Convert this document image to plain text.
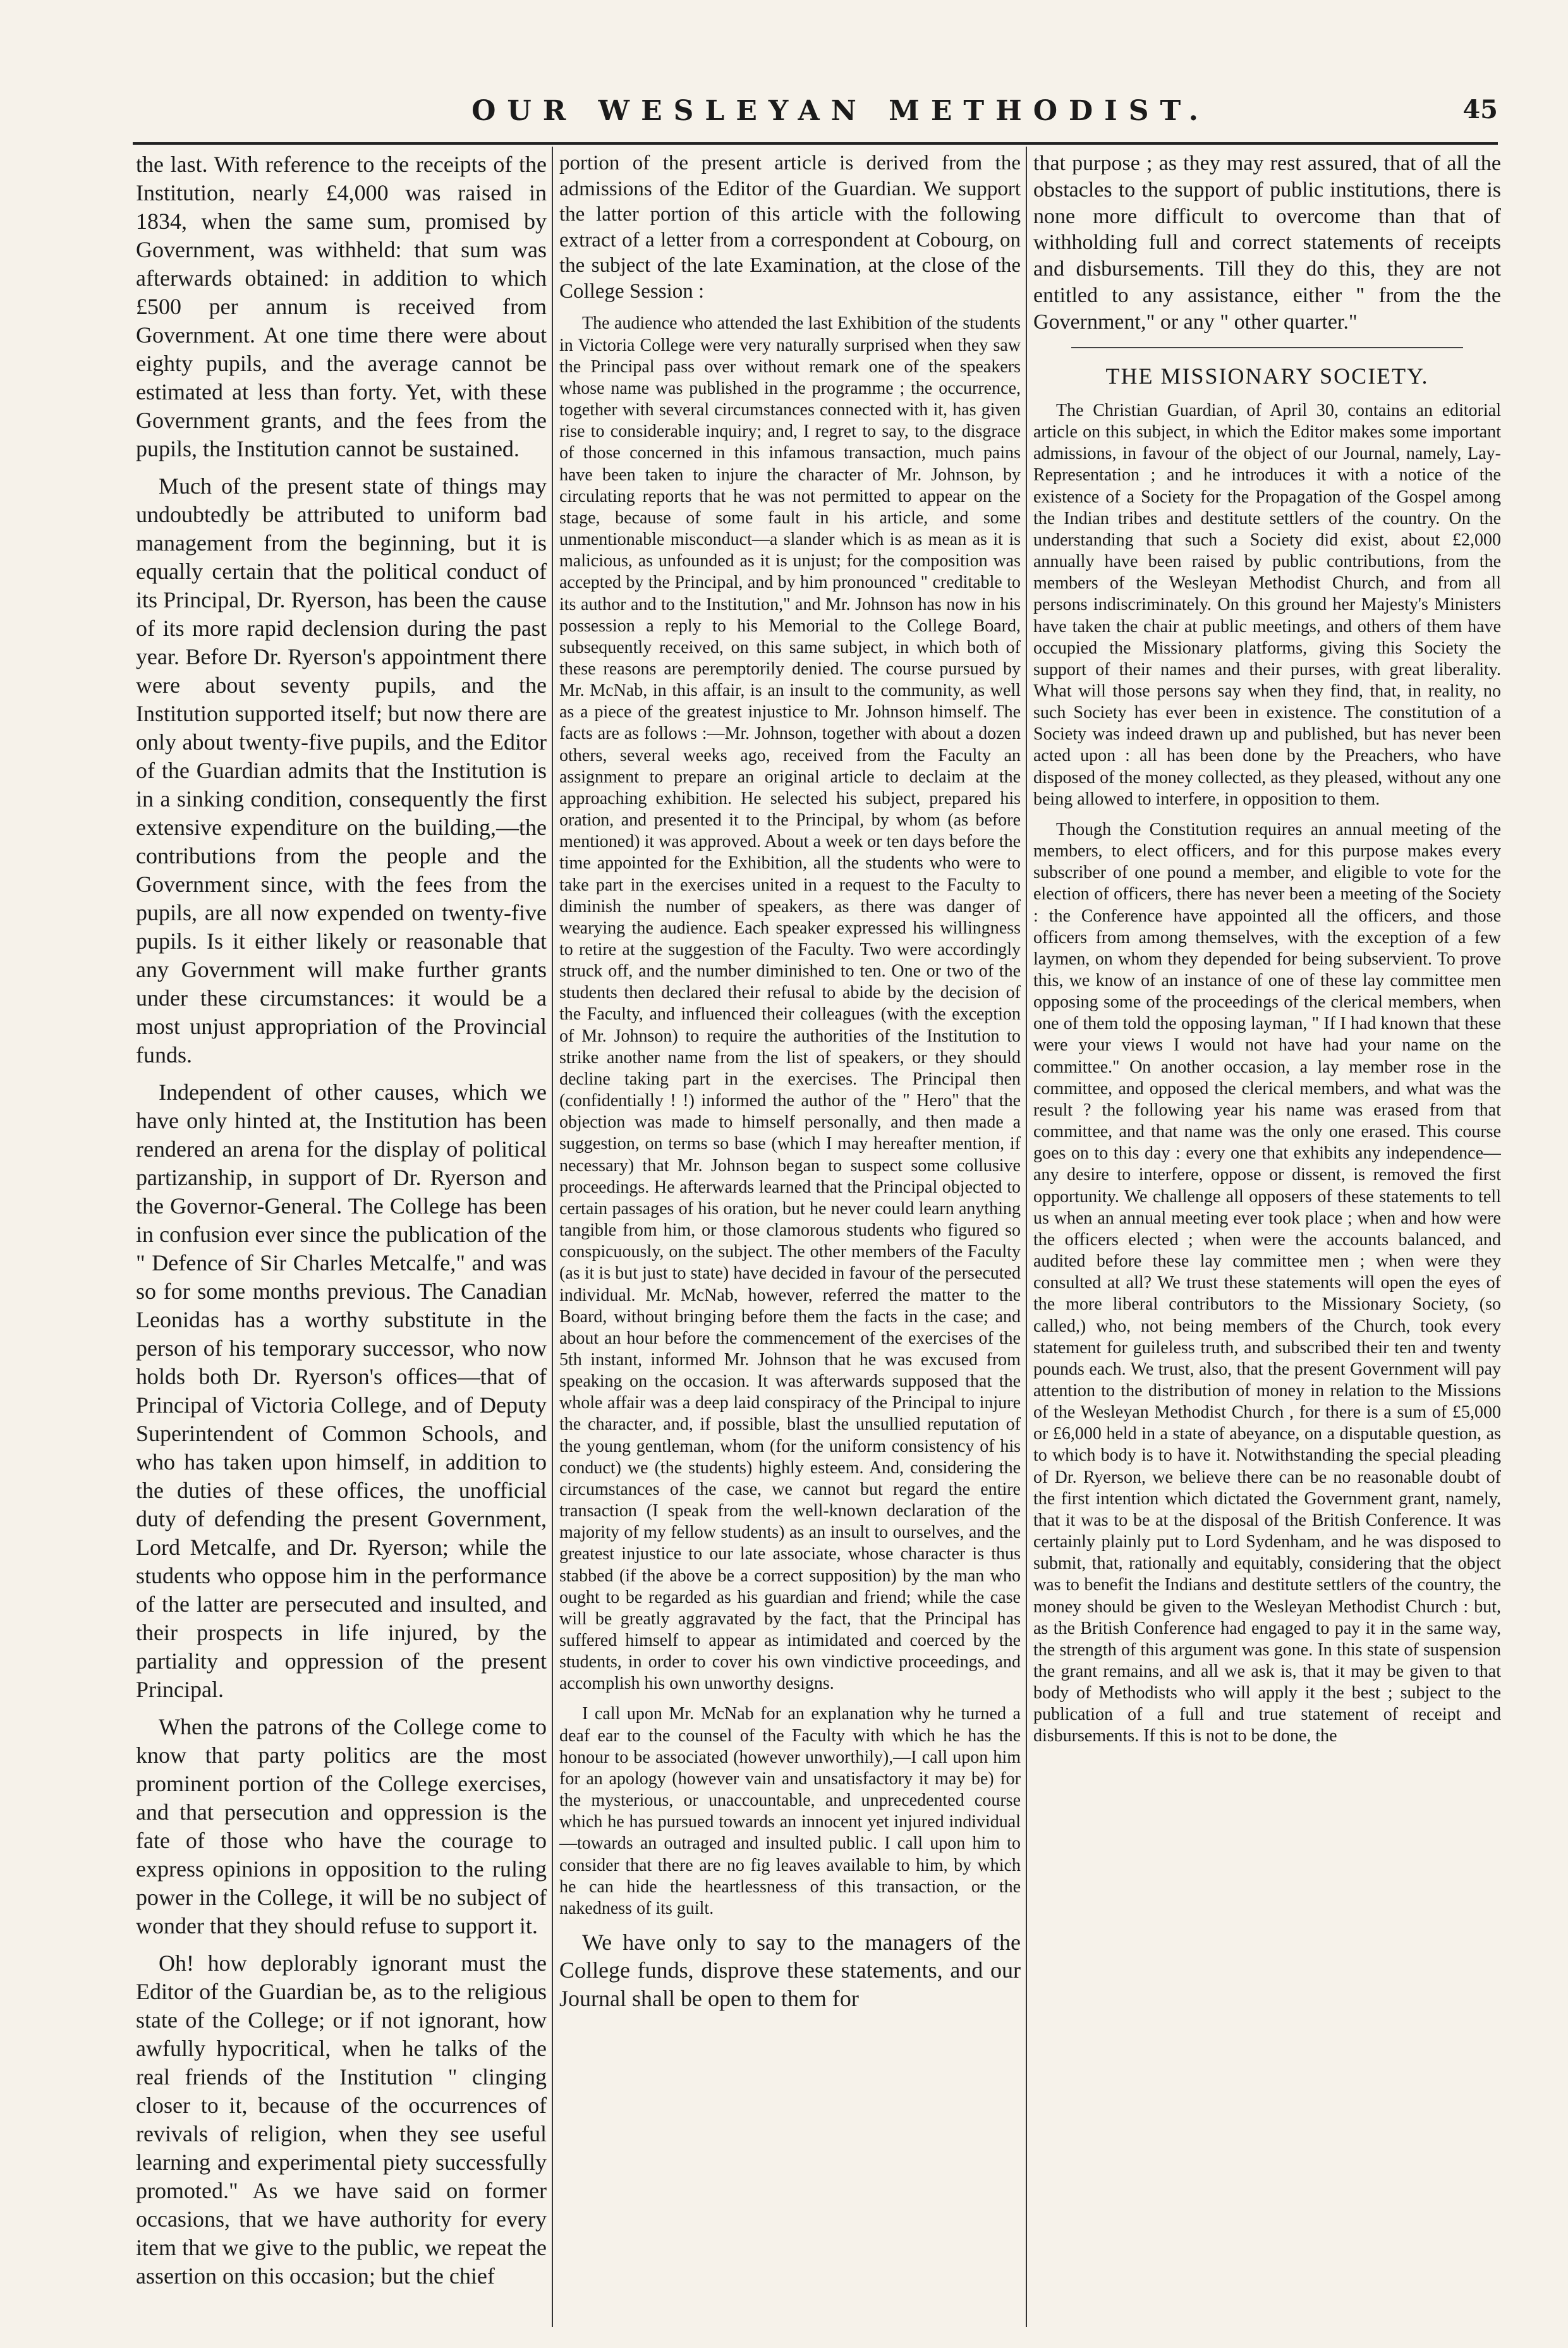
OUR WESLEYAN METHODIST.	45

the last. With reference to the receipts of the Institution, nearly £4,000 was raised in 1834, when the same sum, promised by Government, was withheld: that sum was afterwards obtained: in addition to which £500 per annum is received from Government. At one time there were about eighty pupils, and the average cannot be estimated at less than forty. Yet, with these Government grants, and the fees from the pupils, the Institution cannot be sustained.

Much of the present state of things may undoubtedly be attributed to uniform bad management from the beginning, but it is equally certain that the political conduct of its Principal, Dr. Ryerson, has been the cause of its more rapid declension during the past year. Before Dr. Ryerson's appointment there were about seventy pupils, and the Institution supported itself; but now there are only about twenty-five pupils, and the Editor of the Guardian admits that the Institution is in a sinking condition, consequently the first extensive expenditure on the building,—the contributions from the people and the Government since, with the fees from the pupils, are all now expended on twenty-five pupils. Is it either likely or reasonable that any Government will make further grants under these circumstances: it would be a most unjust appropriation of the Provincial funds.

Independent of other causes, which we have only hinted at, the Institution has been rendered an arena for the display of political partizanship, in support of Dr. Ryerson and the Governor-General. The College has been in confusion ever since the publication of the " Defence of Sir Charles Metcalfe," and was so for some months previous. The Canadian Leonidas has a worthy substitute in the person of his temporary successor, who now holds both Dr. Ryerson's offices—that of Principal of Victoria College, and of Deputy Superintendent of Common Schools, and who has taken upon himself, in addition to the duties of these offices, the unofficial duty of defending the present Government, Lord Metcalfe, and Dr. Ryerson; while the students who oppose him in the performance of the latter are persecuted and insulted, and their prospects in life injured, by the partiality and oppression of the present Principal.

When the patrons of the College come to know that party politics are the most prominent portion of the College exercises, and that persecution and oppression is the fate of those who have the courage to express opinions in opposition to the ruling power in the College, it will be no subject of wonder that they should refuse to support it.

Oh! how deplorably ignorant must the Editor of the Guardian be, as to the religious state of the College; or if not ignorant, how awfully hypocritical, when he talks of the real friends of the Institution " clinging closer to it, because of the occurrences of revivals of religion, when they see useful learning and experimental piety successfully promoted." As we have said on former occasions, that we have authority for every item that we give to the public, we repeat the assertion on this occasion; but the chief

portion of the present article is derived from the admissions of the Editor of the Guardian. We support the latter portion of this article with the following extract of a letter from a correspondent at Cobourg, on the subject of the late Examination, at the close of the College Session :

The audience who attended the last Exhibition of the students in Victoria College were very naturally surprised when they saw the Principal pass over without remark one of the speakers whose name was published in the programme ; the occurrence, together with several circumstances connected with it, has given rise to considerable inquiry; and, I regret to say, to the disgrace of those concerned in this infamous transaction, much pains have been taken to injure the character of Mr. Johnson, by circulating reports that he was not permitted to appear on the stage, because of some fault in his article, and some unmentionable misconduct—a slander which is as mean as it is malicious, as unfounded as it is unjust; for the composition was accepted by the Principal, and by him pronounced " creditable to its author and to the Institution," and Mr. Johnson has now in his possession a reply to his Memorial to the College Board, subsequently received, on this same subject, in which both of these reasons are peremptorily denied. The course pursued by Mr. McNab, in this affair, is an insult to the community, as well as a piece of the greatest injustice to Mr. Johnson himself. The facts are as follows :—Mr. Johnson, together with about a dozen others, several weeks ago, received from the Faculty an assignment to prepare an original article to declaim at the approaching exhibition. He selected his subject, prepared his oration, and presented it to the Principal, by whom (as before mentioned) it was approved. About a week or ten days before the time appointed for the Exhibition, all the students who were to take part in the exercises united in a request to the Faculty to diminish the number of speakers, as there was danger of wearying the audience. Each speaker expressed his willingness to retire at the suggestion of the Faculty. Two were accordingly struck off, and the number diminished to ten. One or two of the students then declared their refusal to abide by the decision of the Faculty, and influenced their colleagues (with the exception of Mr. Johnson) to require the authorities of the Institution to strike another name from the list of speakers, or they should decline taking part in the exercises. The Principal then (confidentially ! !) informed the author of the " Hero" that the objection was made to himself personally, and then made a suggestion, on terms so base (which I may hereafter mention, if necessary) that Mr. Johnson began to suspect some collusive proceedings. He afterwards learned that the Principal objected to certain passages of his oration, but he never could learn anything tangible from him, or those clamorous students who figured so conspicuously, on the subject. The other members of the Faculty (as it is but just to state) have decided in favour of the persecuted individual. Mr. McNab, however, referred the matter to the Board, without bringing before them the facts in the case; and about an hour before the commencement of the exercises of the 5th instant, informed Mr. Johnson that he was excused from speaking on the occasion. It was afterwards supposed that the whole affair was a deep laid conspiracy of the Principal to injure the character, and, if possible, blast the unsullied reputation of the young gentleman, whom (for the uniform consistency of his conduct) we (the students) highly esteem. And, considering the circumstances of the case, we cannot but regard the entire transaction (I speak from the well-known declaration of the majority of my fellow students) as an insult to ourselves, and the greatest injustice to our late associate, whose character is thus stabbed (if the above be a correct supposition) by the man who ought to be regarded as his guardian and friend; while the case will be greatly aggravated by the fact, that the Principal has suffered himself to appear as intimidated and coerced by the students, in order to cover his own vindictive proceedings, and accomplish his own unworthy designs.

I call upon Mr. McNab for an explanation why he turned a deaf ear to the counsel of the Faculty with which he has the honour to be associated (however unworthily),—I call upon him for an apology (however vain and unsatisfactory it may be) for the mysterious, or unaccountable, and unprecedented course which he has pursued towards an innocent yet injured individual—towards an outraged and insulted public. I call upon him to consider that there are no fig leaves available to him, by which he can hide the heartlessness of this transaction, or the nakedness of its guilt.

We have only to say to the managers of the College funds, disprove these statements, and our Journal shall be open to them for

that purpose ; as they may rest assured, that of all the obstacles to the support of public institutions, there is none more difficult to overcome than that of withholding full and correct statements of receipts and disbursements. Till they do this, they are not entitled to any assistance, either " from the the Government," or any " other quarter."

THE MISSIONARY SOCIETY.

The Christian Guardian, of April 30, contains an editorial article on this subject, in which the Editor makes some important admissions, in favour of the object of our Journal, namely, Lay-Representation ; and he introduces it with a notice of the existence of a Society for the Propagation of the Gospel among the Indian tribes and destitute settlers of the country. On the understanding that such a Society did exist, about £2,000 annually have been raised by public contributions, from the members of the Wesleyan Methodist Church, and from all persons indiscriminately. On this ground her Majesty's Ministers have taken the chair at public meetings, and others of them have occupied the Missionary platforms, giving this Society the support of their names and their purses, with great liberality. What will those persons say when they find, that, in reality, no such Society has ever been in existence. The constitution of a Society was indeed drawn up and published, but has never been acted upon : all has been done by the Preachers, who have disposed of the money collected, as they pleased, without any one being allowed to interfere, in opposition to them.

Though the Constitution requires an annual meeting of the members, to elect officers, and for this purpose makes every subscriber of one pound a member, and eligible to vote for the election of officers, there has never been a meeting of the Society : the Conference have appointed all the officers, and those officers from among themselves, with the exception of a few laymen, on whom they depended for being subservient. To prove this, we know of an instance of one of these lay committee men opposing some of the proceedings of the clerical members, when one of them told the opposing layman, " If I had known that these were your views I would not have had your name on the committee." On another occasion, a lay member rose in the committee, and opposed the clerical members, and what was the result ? the following year his name was erased from that committee, and that name was the only one erased. This course goes on to this day : every one that exhibits any independence—any desire to interfere, oppose or dissent, is removed the first opportunity. We challenge all opposers of these statements to tell us when an annual meeting ever took place ; when and how were the officers elected ; when were the accounts balanced, and audited before these lay committee men ; when were they consulted at all? We trust these statements will open the eyes of the more liberal contributors to the Missionary Society, (so called,) who, not being members of the Church, took every statement for guileless truth, and subscribed their ten and twenty pounds each. We trust, also, that the present Government will pay attention to the distribution of money in relation to the Missions of the Wesleyan Methodist Church , for there is a sum of £5,000 or £6,000 held in a state of abeyance, on a disputable question, as to which body is to have it. Notwithstanding the special pleading of Dr. Ryerson, we believe there can be no reasonable doubt of the first intention which dictated the Government grant, namely, that it was to be at the disposal of the British Conference. It was certainly plainly put to Lord Sydenham, and he was disposed to submit, that, rationally and equitably, considering that the object was to benefit the Indians and destitute settlers of the country, the money should be given to the Wesleyan Methodist Church : but, as the British Conference had engaged to pay it in the same way, the strength of this argument was gone. In this state of suspension the grant remains, and all we ask is, that it may be given to that body of Methodists who will apply it the best ; subject to the publication of a full and true statement of receipt and disbursements. If this is not to be done, the
